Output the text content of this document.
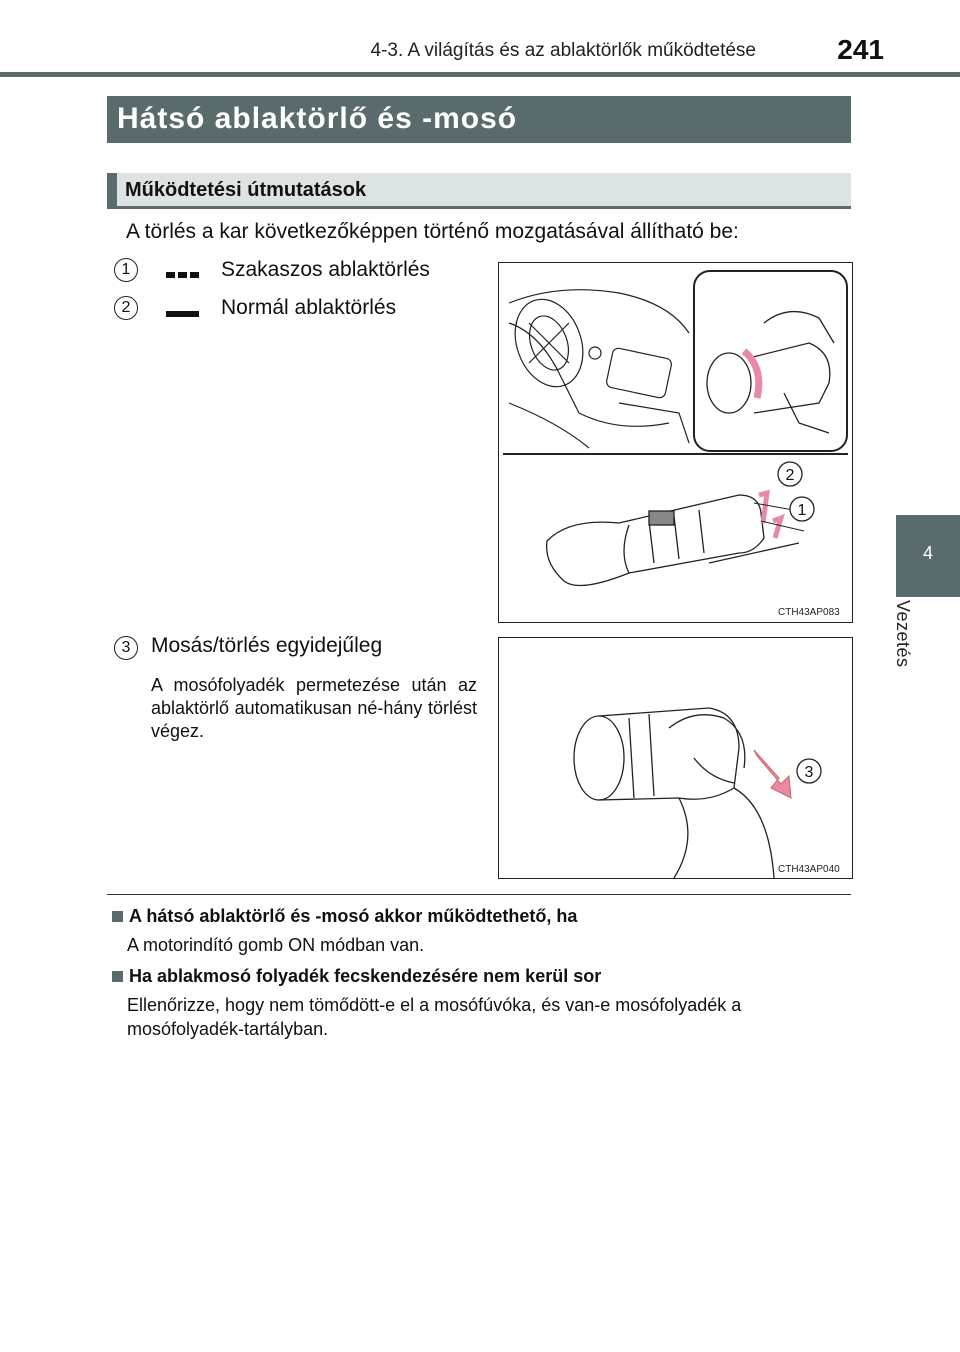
4-3. A világítás és az ablaktörlők működtetése	241
4
Vezetés
Hátsó ablaktörlő és -mosó
Működtetési útmutatások
A törlés a kar következőképpen történő mozgatásával állítható be:
1	Szakaszos ablaktörlés
2	Normál ablaktörlés
2
1
CTH43AP083
3 Mosás/törlés egyidejűleg
A mosófolyadék permetezése után az ablaktörlő automatikusan né-hány törlést végez.
3
CTH43AP040
A hátsó ablaktörlő és -mosó akkor működtethető, ha
A motorindító gomb ON módban van.
Ha ablakmosó folyadék fecskendezésére nem kerül sor
Ellenőrizze, hogy nem tömődött-e el a mosófúvóka, és van-e mosófolyadék a mosófolyadék-tartályban.
